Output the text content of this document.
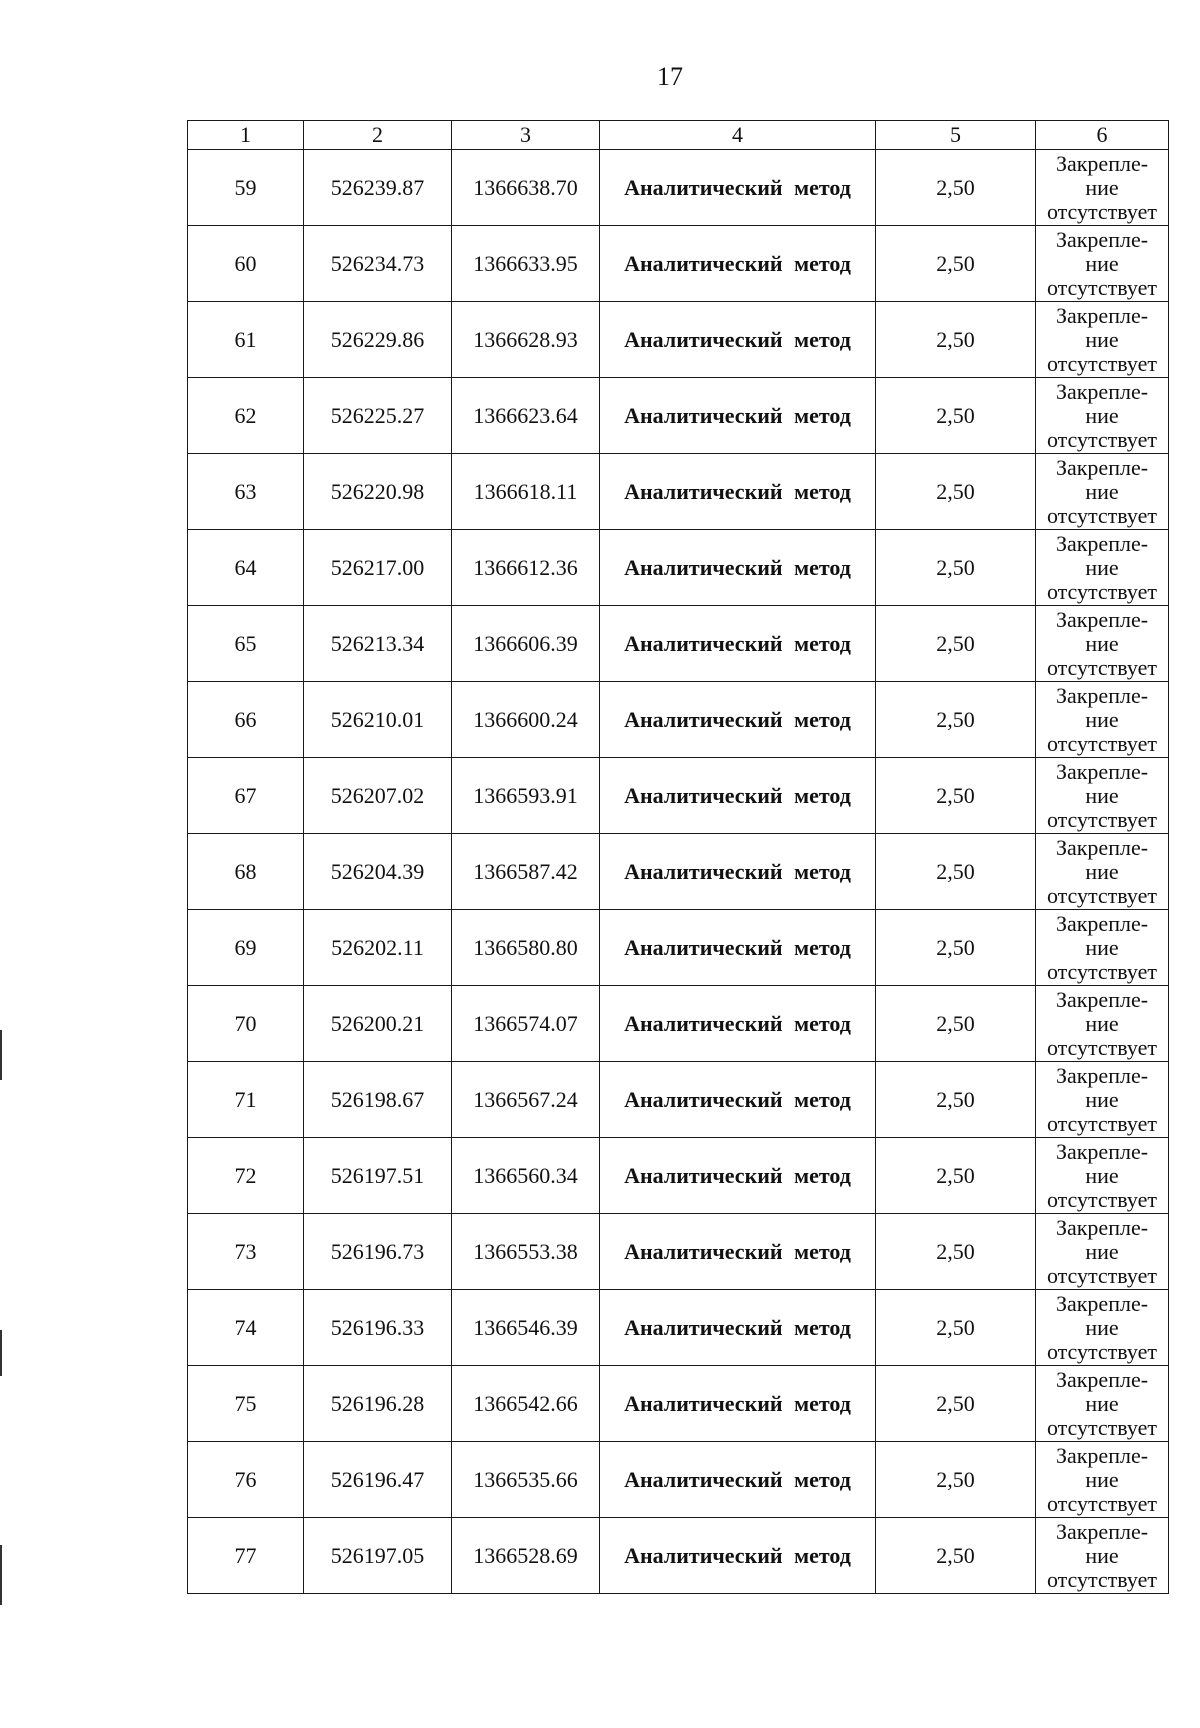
17
1	2	3	4	5	6
59	526239.87	1366638.70	Аналитический метод	2,50	Закрепле-
ние
отсутствует

60	526234.73	1366633.95	Аналитический метод	2,50	Закрепле-
ние
отсутствует

61	526229.86	1366628.93	Аналитический метод	2,50	Закрепле-
ние
отсутствует

62	526225.27	1366623.64	Аналитический метод	2,50	Закрепле-
ние
отсутствует

63	526220.98	1366618.11	Аналитический метод	2,50	Закрепле-
ние
отсутствует

64	526217.00	1366612.36	Аналитический метод	2,50	Закрепле-
ние
отсутствует

65	526213.34	1366606.39	Аналитический метод	2,50	Закрепле-
ние
отсутствует

66	526210.01	1366600.24	Аналитический метод	2,50	Закрепле-
ние
отсутствует

67	526207.02	1366593.91	Аналитический метод	2,50	Закрепле-
ние
отсутствует

68	526204.39	1366587.42	Аналитический метод	2,50	Закрепле-
ние
отсутствует

69	526202.11	1366580.80	Аналитический метод	2,50	Закрепле-
ние
отсутствует

70	526200.21	1366574.07	Аналитический метод	2,50	Закрепле-
ние
отсутствует

71	526198.67	1366567.24	Аналитический метод	2,50	Закрепле-
ние
отсутствует

72	526197.51	1366560.34	Аналитический метод	2,50	Закрепле-
ние
отсутствует

73	526196.73	1366553.38	Аналитический метод	2,50	Закрепле-
ние
отсутствует

74	526196.33	1366546.39	Аналитический метод	2,50	Закрепле-
ние
отсутствует

75	526196.28	1366542.66	Аналитический метод	2,50	Закрепле-
ние
отсутствует

76	526196.47	1366535.66	Аналитический метод	2,50	Закрепле-
ние
отсутствует

77	526197.05	1366528.69	Аналитический метод	2,50	Закрепле-
ние
отсутствует
